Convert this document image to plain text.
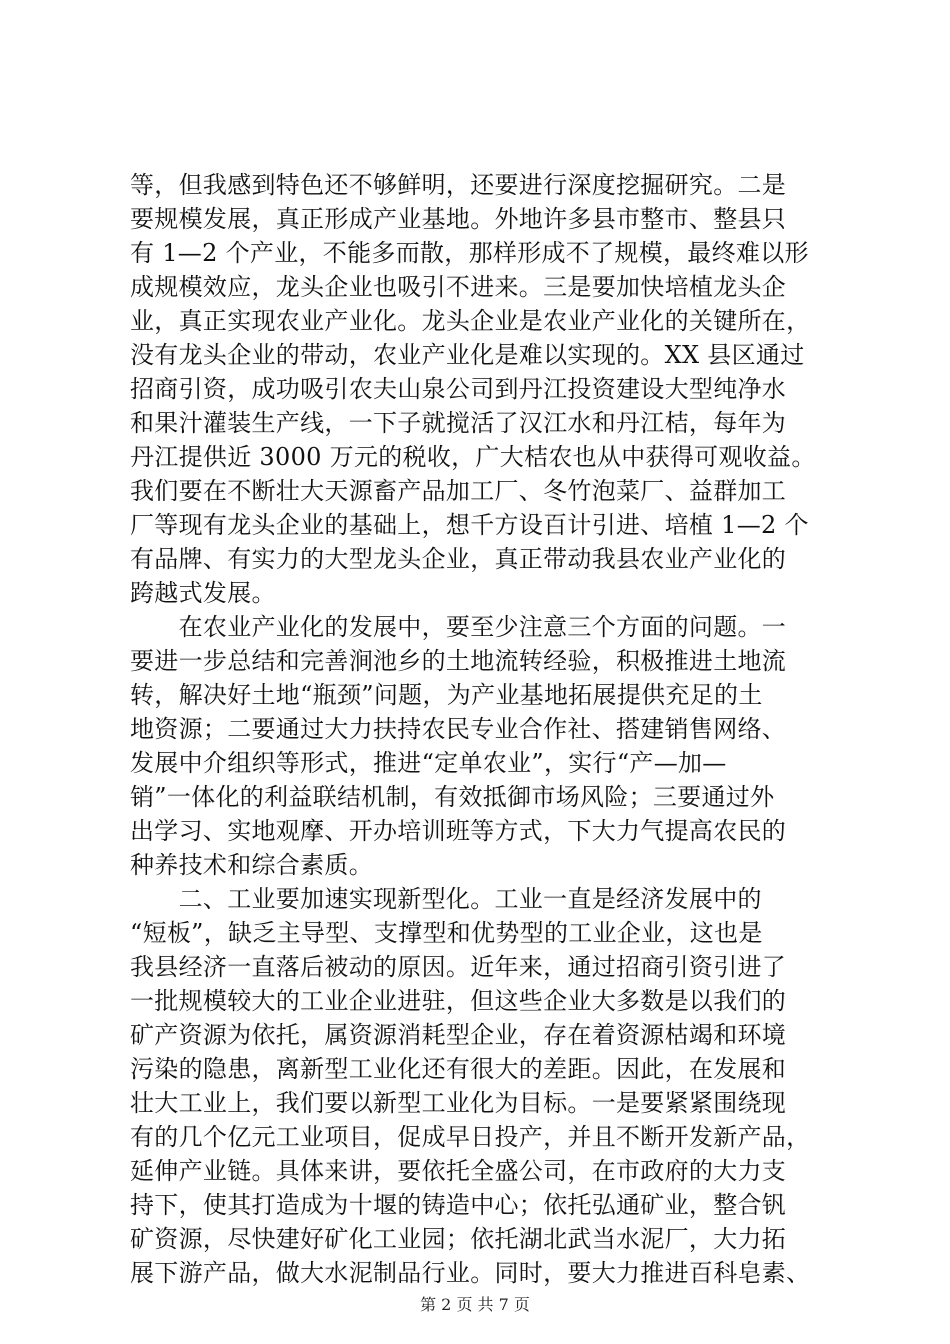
等，但我感到特色还不够鲜明，还要进行深度挖掘研究。二是
要规模发展，真正形成产业基地。外地许多县市整市、整县只
有 1—2 个产业，不能多而散，那样形成不了规模，最终难以形
成规模效应，龙头企业也吸引不进来。三是要加快培植龙头企
业，真正实现农业产业化。龙头企业是农业产业化的关键所在，
没有龙头企业的带动，农业产业化是难以实现的。XX 县区通过
招商引资，成功吸引农夫山泉公司到丹江投资建设大型纯净水
和果汁灌装生产线，一下子就搅活了汉江水和丹江桔，每年为
丹江提供近 3000 万元的税收，广大桔农也从中获得可观收益。
我们要在不断壮大天源畜产品加工厂、冬竹泡菜厂、益群加工
厂等现有龙头企业的基础上，想千方设百计引进、培植 1—2 个
有品牌、有实力的大型龙头企业，真正带动我县农业产业化的
跨越式发展。
　　在农业产业化的发展中，要至少注意三个方面的问题。一
要进一步总结和完善涧池乡的土地流转经验，积极推进土地流
转，解决好土地“瓶颈”问题，为产业基地拓展提供充足的土
地资源；二要通过大力扶持农民专业合作社、搭建销售网络、
发展中介组织等形式，推进“定单农业”，实行“产—加—
销”一体化的利益联结机制，有效抵御市场风险；三要通过外
出学习、实地观摩、开办培训班等方式，下大力气提高农民的
种养技术和综合素质。
　　二、工业要加速实现新型化。工业一直是经济发展中的
“短板”，缺乏主导型、支撑型和优势型的工业企业，这也是
我县经济一直落后被动的原因。近年来，通过招商引资引进了
一批规模较大的工业企业进驻，但这些企业大多数是以我们的
矿产资源为依托，属资源消耗型企业，存在着资源枯竭和环境
污染的隐患，离新型工业化还有很大的差距。因此，在发展和
壮大工业上，我们要以新型工业化为目标。一是要紧紧围绕现
有的几个亿元工业项目，促成早日投产，并且不断开发新产品，
延伸产业链。具体来讲，要依托全盛公司，在市政府的大力支
持下，使其打造成为十堰的铸造中心；依托弘通矿业，整合钒
矿资源，尽快建好矿化工业园；依托湖北武当水泥厂，大力拓
展下游产品，做大水泥制品行业。同时，要大力推进百科皂素、
第 2 页 共 7 页
